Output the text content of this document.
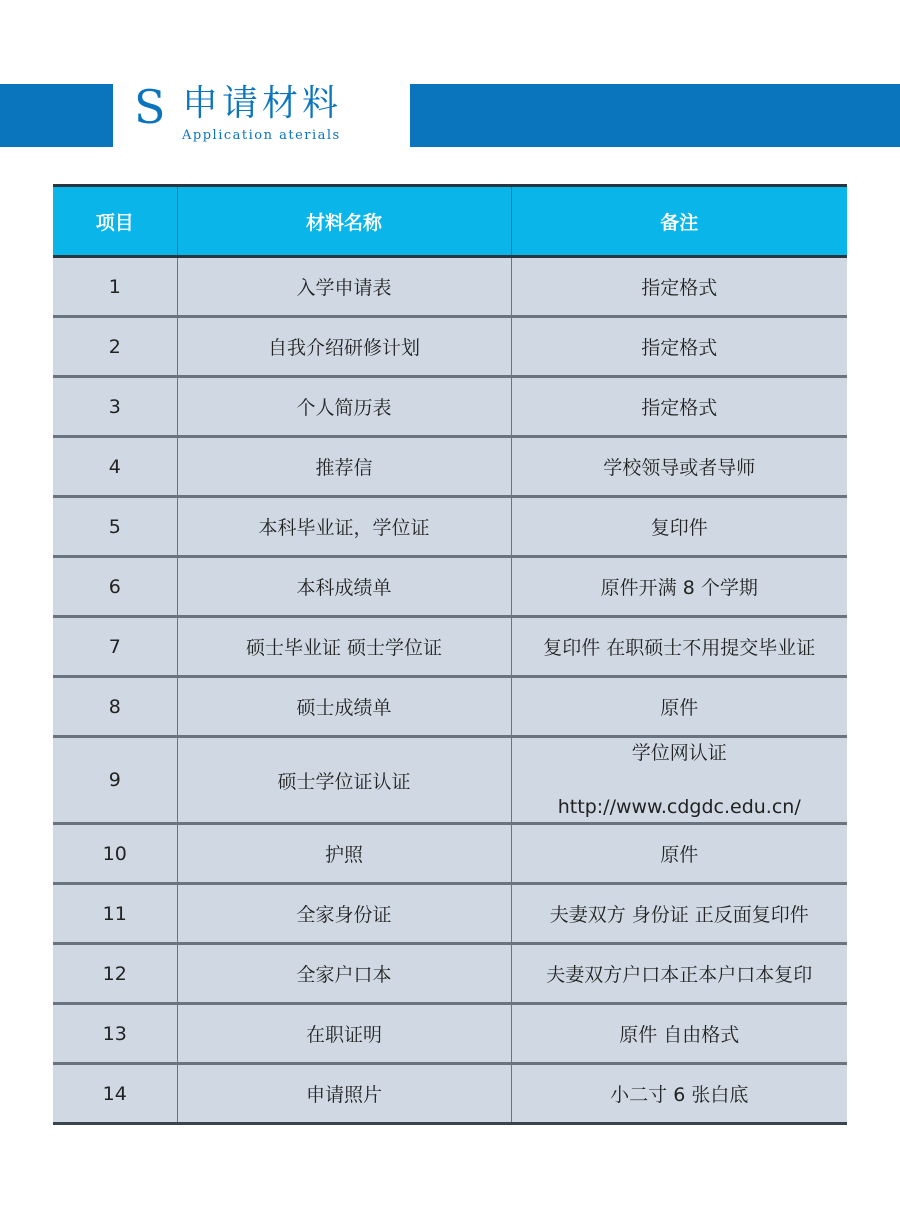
S 申请材料
Application aterials
项目	材料名称	备注
1	入学申请表	指定格式
2	自我介绍研修计划	指定格式
3	个人简历表	指定格式
4	推荐信	学校领导或者导师
5	本科毕业证，学位证	复印件
6	本科成绩单	原件开满 8 个学期
7	硕士毕业证 硕士学位证	复印件 在职硕士不用提交毕业证
8	硕士成绩单	原件
9	硕士学位证认证	学位网认证
http://www.cdgdc.edu.cn/

10	护照	原件
11	全家身份证	夫妻双方 身份证 正反面复印件
12	全家户口本	夫妻双方户口本正本户口本复印
13	在职证明	原件 自由格式
14	申请照片	小二寸 6 张白底
